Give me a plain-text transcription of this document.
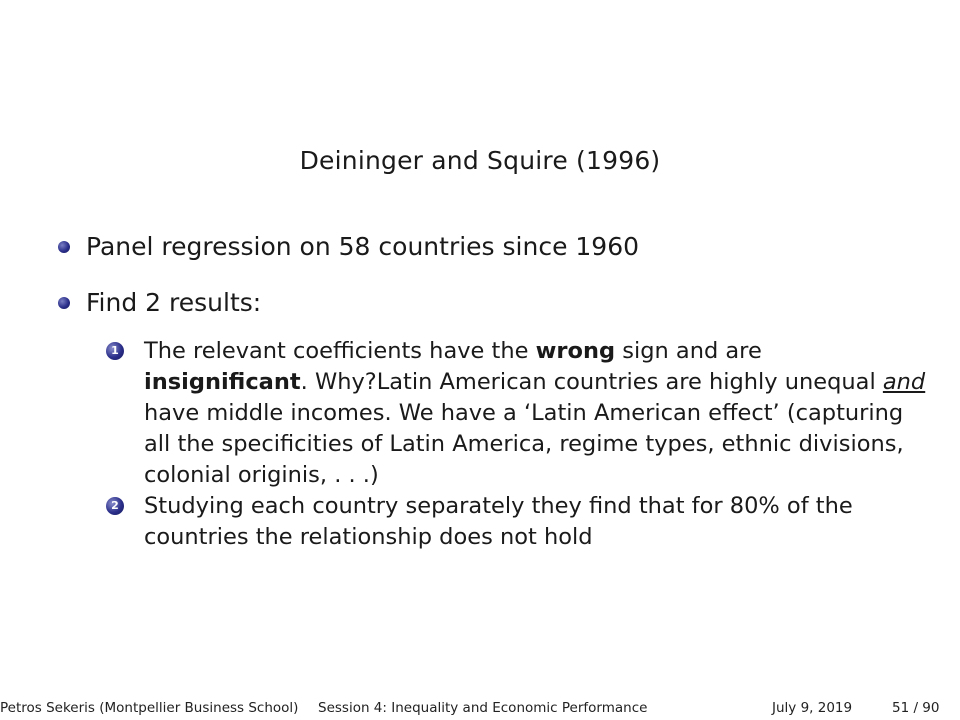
Deininger and Squire (1996)
Panel regression on 58 countries since 1960
Find 2 results:
1 The relevant coefficients have the wrong sign and are insignificant. Why?Latin American countries are highly unequal and have middle incomes. We have a ‘Latin American effect’ (capturing all the specificities of Latin America, regime types, ethnic divisions, colonial originis, . . .)
2 Studying each country separately they find that for 80% of the countries the relationship does not hold
Petros Sekeris (Montpellier Business School) Session 4: Inequality and Economic Performance	July 9, 2019	51 / 90
